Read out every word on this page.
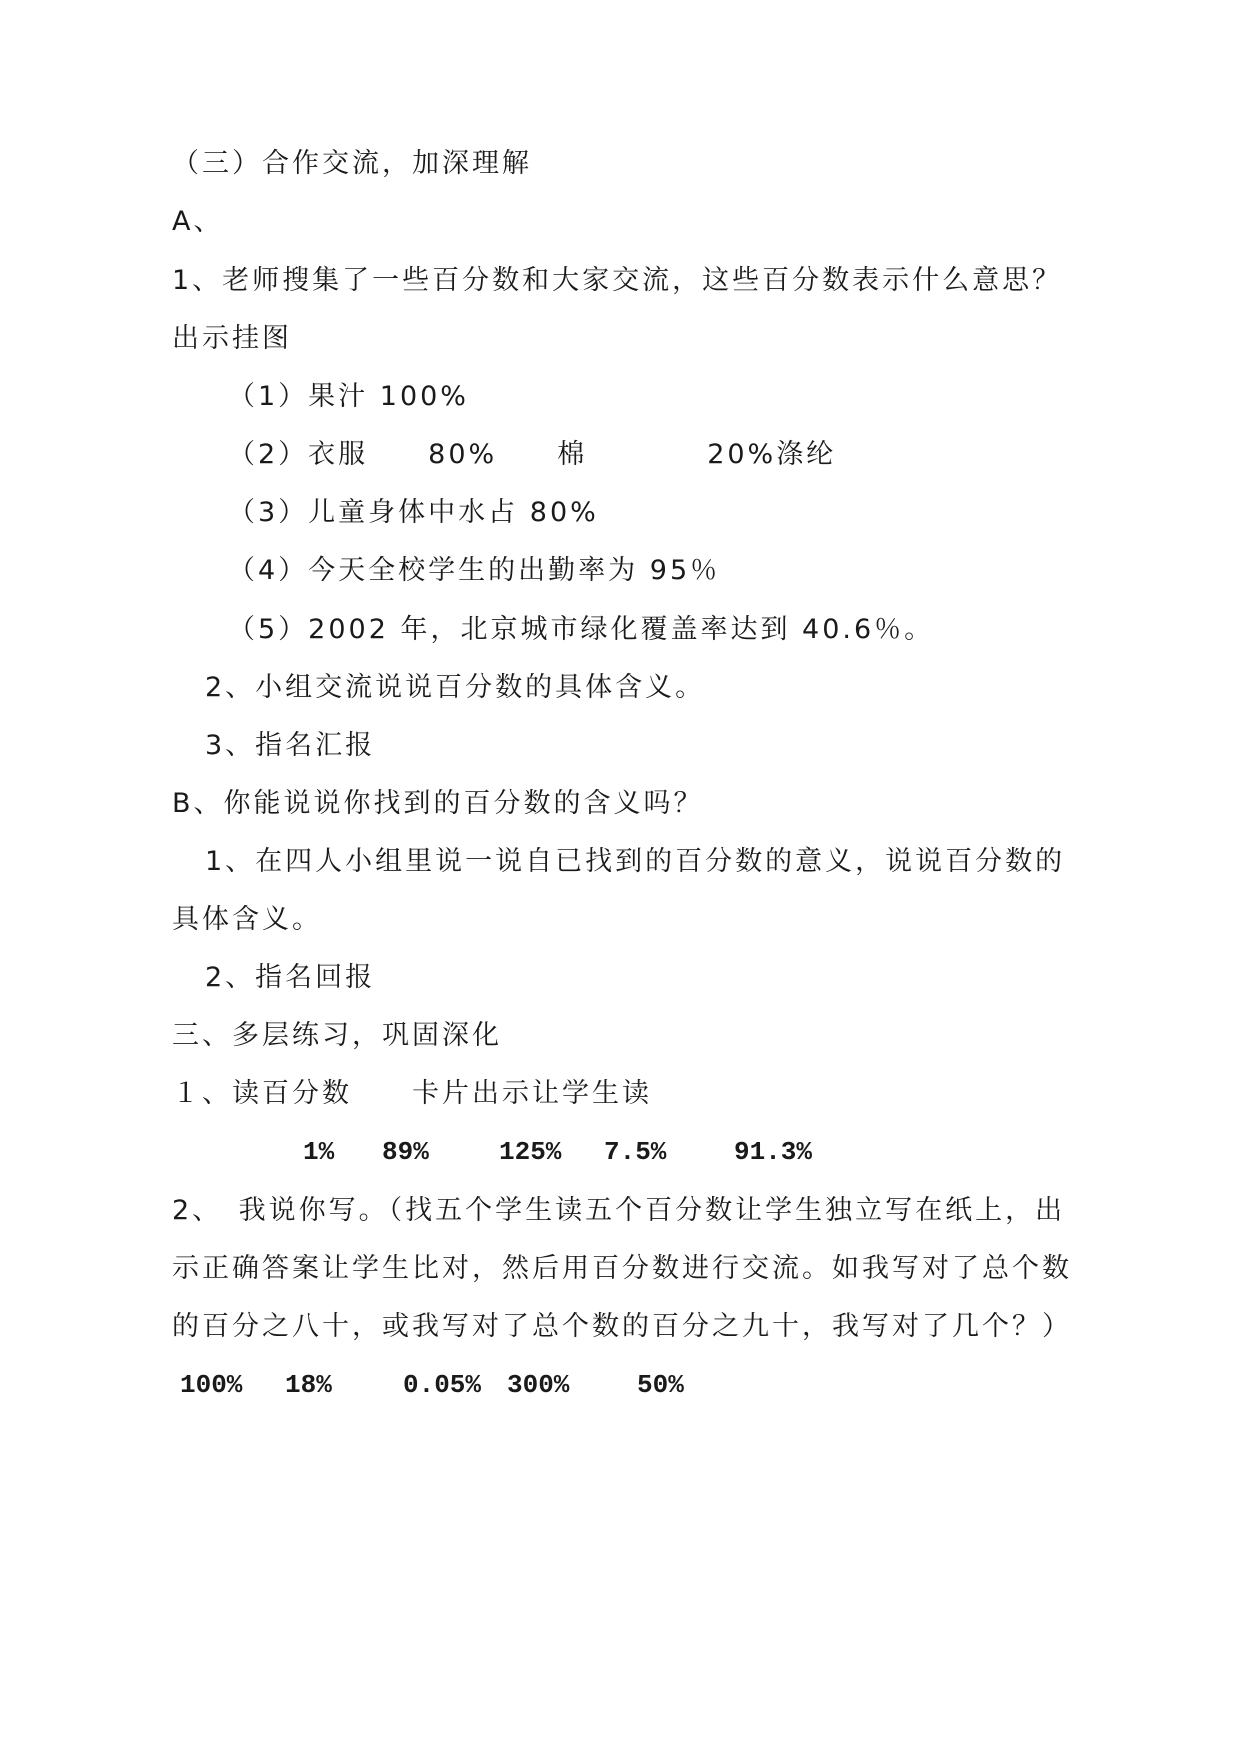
（三）合作交流，加深理解
A、
1、老师搜集了一些百分数和大家交流，这些百分数表示什么意思？
出示挂图
（1）果汁 100%
（2）衣服　　80%　　棉　　　　20%涤纶
（3）儿童身体中水占 80%
（4）今天全校学生的出勤率为 95％
（5）2002 年，北京城市绿化覆盖率达到 40.6％。
2、小组交流说说百分数的具体含义。
3、指名汇报
B、你能说说你找到的百分数的含义吗？
1、在四人小组里说一说自已找到的百分数的意义，说说百分数的
具体含义。
2、指名回报
三、多层练习，巩固深化
１、读百分数　　卡片出示让学生读
1% 89%	125% 7.5%	91.3%
2、　我说你写。（找五个学生读五个百分数让学生独立写在纸上，出
示正确答案让学生比对，然后用百分数进行交流。如我写对了总个数
的百分之八十，或我写对了总个数的百分之九十，我写对了几个？）
100% 18%	0.05% 300%	50%
